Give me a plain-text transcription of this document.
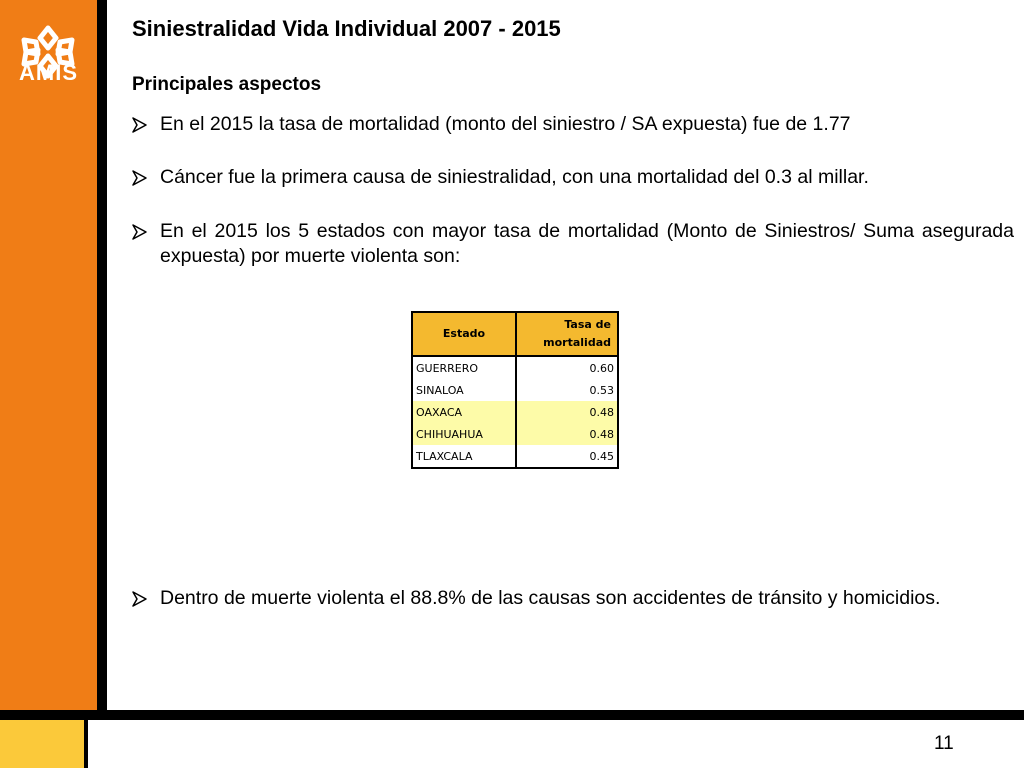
AMIS
Siniestralidad Vida Individual 2007 - 2015
Principales aspectos
En el 2015 la tasa de mortalidad (monto del siniestro / SA expuesta) fue de 1.77
Cáncer fue la primera causa de siniestralidad, con una mortalidad del 0.3 al millar.
En el 2015 los 5 estados con mayor tasa de mortalidad (Monto de Siniestros/ Suma asegurada expuesta) por muerte violenta son:
Estado	Tasa de mortalidad
GUERRERO	0.60
SINALOA	0.53
OAXACA	0.48
CHIHUAHUA	0.48
TLAXCALA	0.45
Dentro de muerte violenta el 88.8% de las causas son accidentes de tránsito y homicidios.
11
